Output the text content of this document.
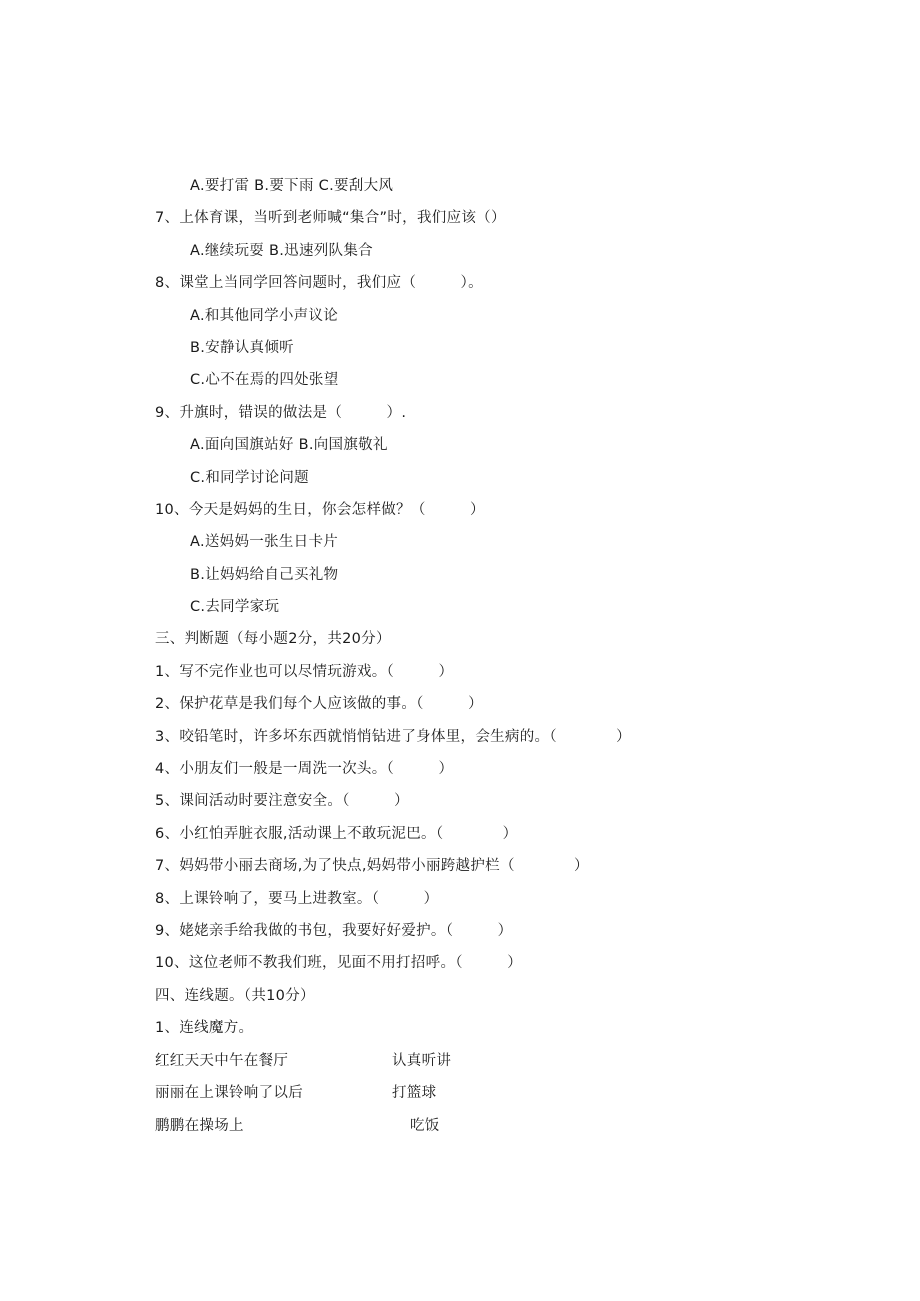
A.要打雷 B.要下雨 C.要刮大风
7、上体育课，当听到老师喊“集合”时，我们应该（）
A.继续玩耍 B.迅速列队集合
8、课堂上当同学回答问题时，我们应（　　　）。
A.和其他同学小声议论
B.安静认真倾听
C.心不在焉的四处张望
9、升旗时，错误的做法是（　　　）.
A.面向国旗站好 B.向国旗敬礼
C.和同学讨论问题
10、今天是妈妈的生日，你会怎样做？（　　　）
A.送妈妈一张生日卡片
B.让妈妈给自己买礼物
C.去同学家玩
三、判断题（每小题2分，共20分）
1、写不完作业也可以尽情玩游戏。（　　　）
2、保护花草是我们每个人应该做的事。（　　　）
3、咬铅笔时，许多坏东西就悄悄钻进了身体里，会生病的。（　　　　）
4、小朋友们一般是一周洗一次头。（　　　）
5、课间活动时要注意安全。（　　　）
6、小红怕弄脏衣服,活动课上不敢玩泥巴。（　　　　）
7、妈妈带小丽去商场,为了快点,妈妈带小丽跨越护栏（　　　　）
8、上课铃响了，要马上进教室。（　　　）
9、姥姥亲手给我做的书包，我要好好爱护。（　　　）
10、这位老师不教我们班，见面不用打招呼。（　　　）
四、连线题。（共10分）
1、连线魔方。
红红天天中午在餐厅	认真听讲
丽丽在上课铃响了以后	打篮球
鹏鹏在操场上	吃饭
